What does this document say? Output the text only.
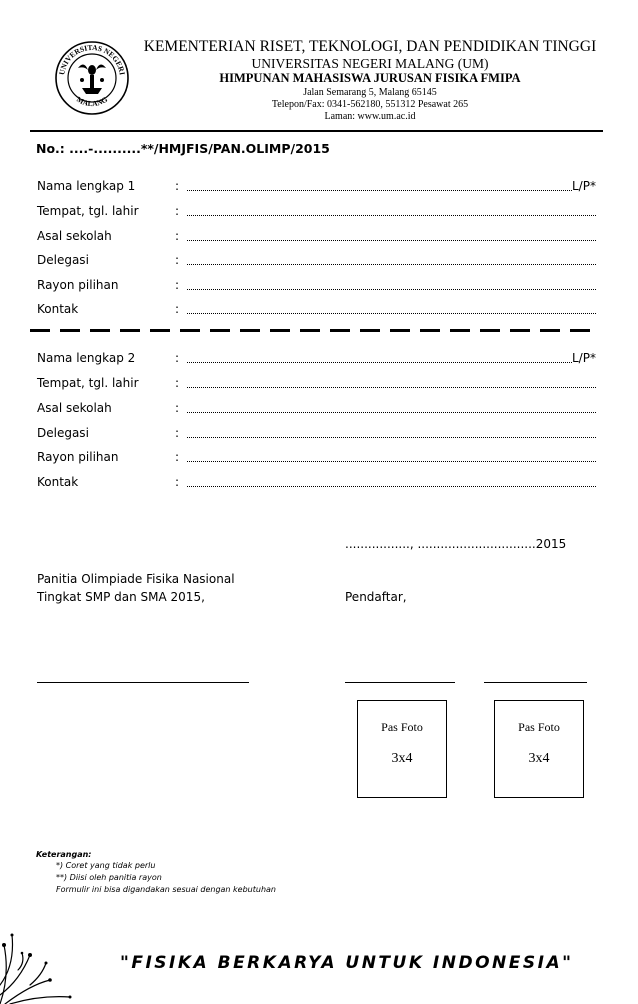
UNIVERSITAS NEGERI
MALANG
KEMENTERIAN RISET, TEKNOLOGI, DAN PENDIDIKAN TINGGI
UNIVERSITAS NEGERI MALANG (UM)
HIMPUNAN MAHASISWA JURUSAN FISIKA FMIPA
Jalan Semarang 5, Malang 65145
Telepon/Fax: 0341-562180, 551312 Pesawat 265
Laman: www.um.ac.id
No.: ....-..........**/HMJFIS/PAN.OLIMP/2015
Nama lengkap 1	:	L/P*
Tempat, tgl. lahir	:
Asal sekolah	:
Delegasi	:
Rayon pilihan	:
Kontak	:
Nama lengkap 2	:	L/P*
Tempat, tgl. lahir	:
Asal sekolah	:
Delegasi	:
Rayon pilihan	:
Kontak	:
................., ...............................2015
Panitia Olimpiade Fisika Nasional
Tingkat SMP dan SMA 2015,	Pendaftar,
Pas Foto
3x4
Pas Foto
3x4
Keterangan:
*) Coret yang tidak perlu
**) Diisi oleh panitia rayon
Formulir ini bisa digandakan sesuai dengan kebutuhan
"FISIKA BERKARYA UNTUK INDONESIA"
